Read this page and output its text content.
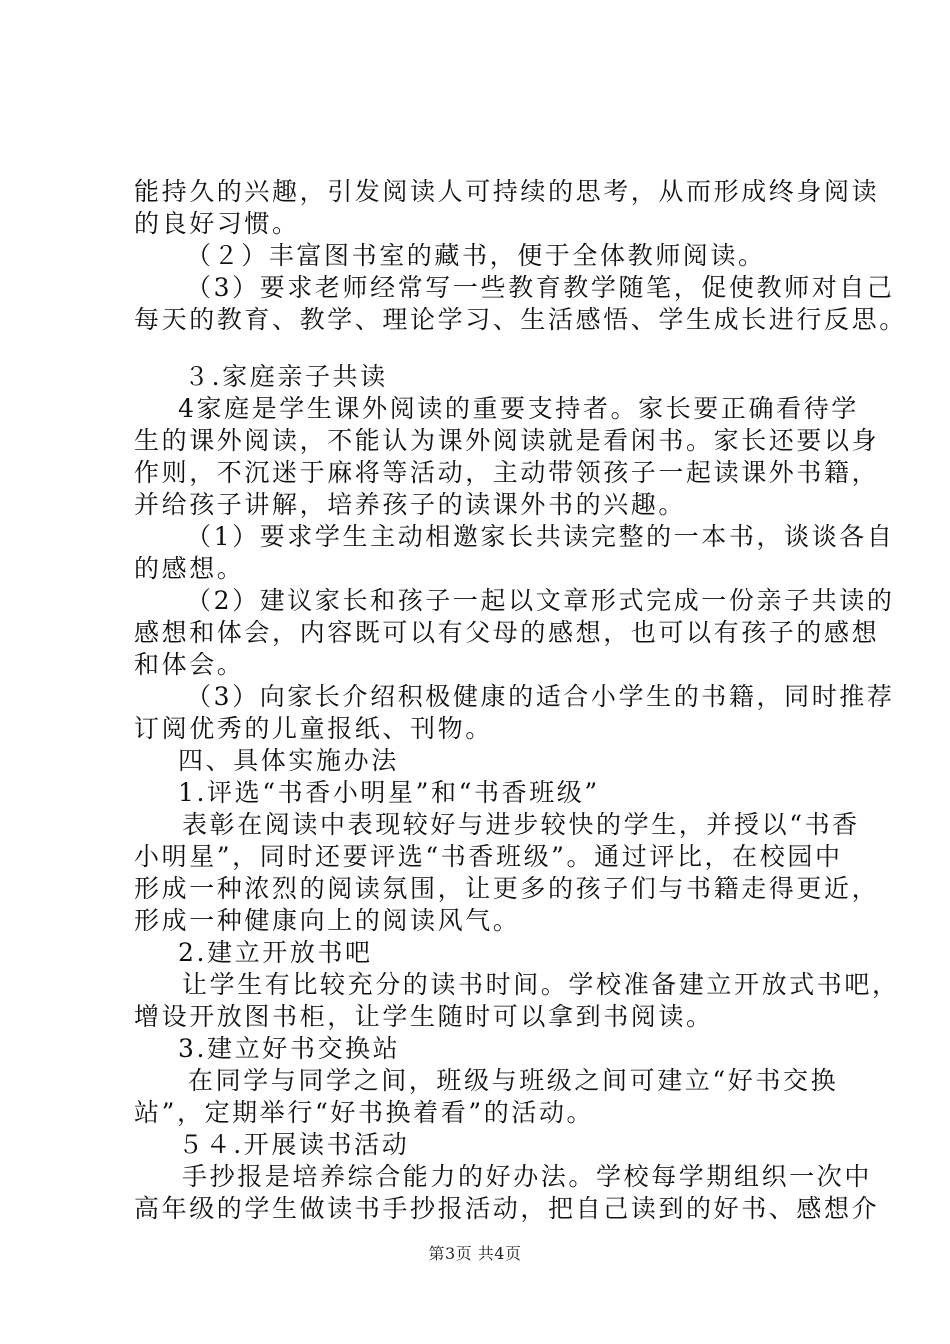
能持久的兴趣，引发阅读人可持续的思考，从而形成终身阅读
的良好习惯。
（２）丰富图书室的藏书，便于全体教师阅读。
（3）要求老师经常写一些教育教学随笔，促使教师对自己
每天的教育、教学、理论学习、生活感悟、学生成长进行反思。
３.家庭亲子共读
4家庭是学生课外阅读的重要支持者。家长要正确看待学
生的课外阅读，不能认为课外阅读就是看闲书。家长还要以身
作则，不沉迷于麻将等活动，主动带领孩子一起读课外书籍，
并给孩子讲解，培养孩子的读课外书的兴趣。
（1）要求学生主动相邀家长共读完整的一本书，谈谈各自
的感想。
（2）建议家长和孩子一起以文章形式完成一份亲子共读的
感想和体会，内容既可以有父母的感想，也可以有孩子的感想
和体会。
（3）向家长介绍积极健康的适合小学生的书籍，同时推荐
订阅优秀的儿童报纸、刊物。
四、具体实施办法
1.评选“书香小明星”和“书香班级”
表彰在阅读中表现较好与进步较快的学生，并授以“书香
小明星”，同时还要评选“书香班级”。通过评比，在校园中
形成一种浓烈的阅读氛围，让更多的孩子们与书籍走得更近，
形成一种健康向上的阅读风气。
2.建立开放书吧
让学生有比较充分的读书时间。学校准备建立开放式书吧，
增设开放图书柜，让学生随时可以拿到书阅读。
3.建立好书交换站
在同学与同学之间，班级与班级之间可建立“好书交换
站”，定期举行“好书换着看”的活动。
５４.开展读书活动
手抄报是培养综合能力的好办法。学校每学期组织一次中
高年级的学生做读书手抄报活动，把自己读到的好书、感想介
第3页 共4页
